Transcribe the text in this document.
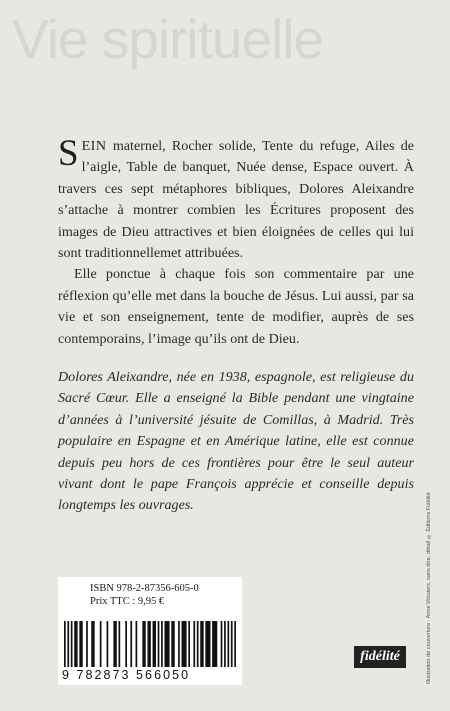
Vie spirituelle

SEIN maternel, Rocher solide, Tente du refuge, Ailes de l’aigle, Table de banquet, Nuée dense, Espace ouvert. À travers ces sept métaphores bibliques, Dolores Aleixandre s’attache à montrer combien les Écritures proposent des images de Dieu attractives et bien éloignées de celles qui lui sont traditionnellemet attribuées.

Elle ponctue à chaque fois son commentaire par une réflexion qu’elle met dans la bouche de Jésus. Lui aussi, par sa vie et son enseignement, tente de modifier, auprès de ses contemporains, l’image qu’ils ont de Dieu.

Dolores Aleixandre, née en 1938, espagnole, est religieuse du Sacré Cœur. Elle a enseigné la Bible pendant une vingtaine d’années à l’université jésuite de Comillas, à Madrid. Très populaire en Espagne et en Amérique latine, elle est connue depuis peu hors de ces frontières pour être le seul auteur vivant dont le pape François apprécie et conseille depuis longtemps les ouvrages.	Illustration de couverture : Anne Wouters, sans titre, détail © Éditions Fidélité
ISBN 978-2-87356-605-0
Prix TTC : 9,95 €
9 782873 566050
fidélité
